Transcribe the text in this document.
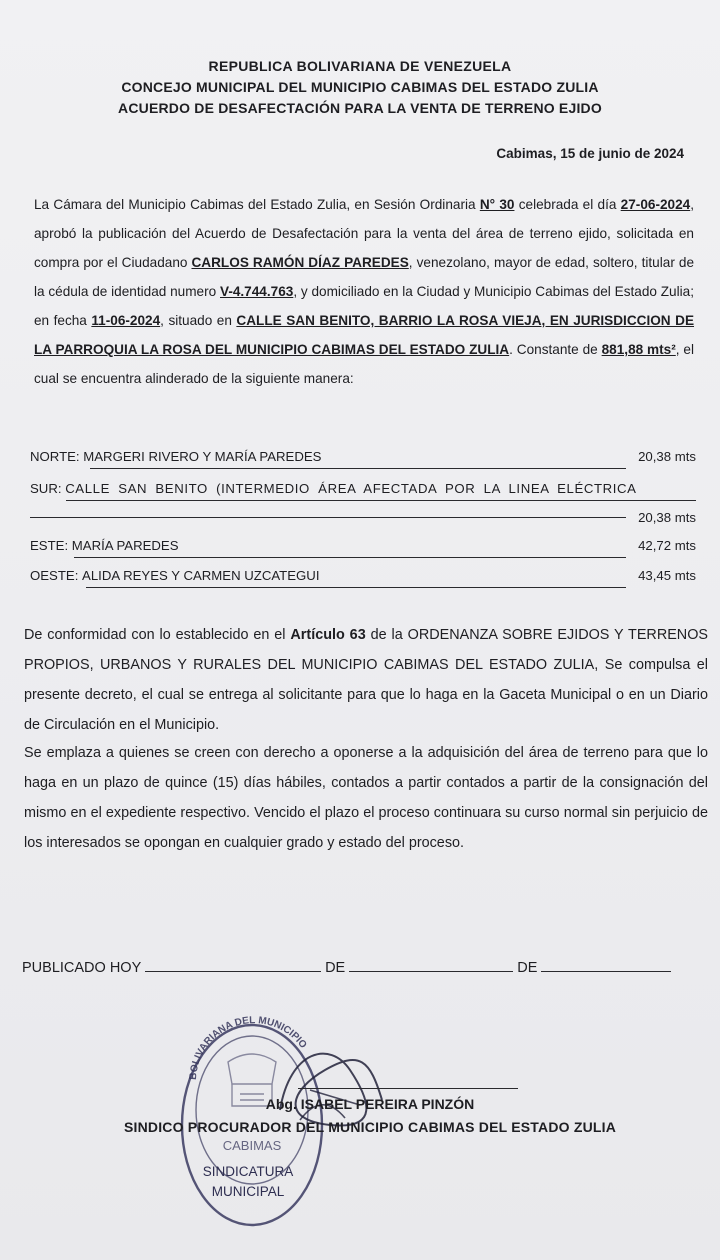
REPUBLICA BOLIVARIANA DE VENEZUELA
CONCEJO MUNICIPAL DEL MUNICIPIO CABIMAS DEL ESTADO ZULIA
ACUERDO DE DESAFECTACIÓN PARA LA VENTA DE TERRENO EJIDO
Cabimas, 15 de junio de 2024
La Cámara del Municipio Cabimas del Estado Zulia, en Sesión Ordinaria N° 30 celebrada el día 27-06-2024, aprobó la publicación del Acuerdo de Desafectación para la venta del área de terreno ejido, solicitada en compra por el Ciudadano CARLOS RAMÓN DÍAZ PAREDES, venezolano, mayor de edad, soltero, titular de la cédula de identidad numero V-4.744.763, y domiciliado en la Ciudad y Municipio Cabimas del Estado Zulia; en fecha 11-06-2024, situado en CALLE SAN BENITO, BARRIO LA ROSA VIEJA, EN JURISDICCION DE LA PARROQUIA LA ROSA DEL MUNICIPIO CABIMAS DEL ESTADO ZULIA. Constante de 881,88 mts², el cual se encuentra alinderado de la siguiente manera:
NORTE: MARGERI RIVERO Y MARÍA PAREDES	20,38 mts
SUR: CALLE SAN BENITO (INTERMEDIO ÁREA AFECTADA POR LA LINEA ELÉCTRICA
20,38 mts
ESTE: MARÍA PAREDES	42,72 mts
OESTE: ALIDA REYES Y CARMEN UZCATEGUI	43,45 mts
De conformidad con lo establecido en el Artículo 63 de la ORDENANZA SOBRE EJIDOS Y TERRENOS PROPIOS, URBANOS Y RURALES DEL MUNICIPIO CABIMAS DEL ESTADO ZULIA, Se compulsa el presente decreto, el cual se entrega al solicitante para que lo haga en la Gaceta Municipal o en un Diario de Circulación en el Municipio.
Se emplaza a quienes se creen con derecho a oponerse a la adquisición del área de terreno para que lo haga en un plazo de quince (15) días hábiles, contados a partir contados a partir de la consignación del mismo en el expediente respectivo. Vencido el plazo el proceso continuara su curso normal sin perjuicio de los interesados se opongan en cualquier grado y estado del proceso.
PUBLICADO HOY	DE	DE
BOLIVARIANA DEL MUNICIPIO
CABIMAS
SINDICATURA
MUNICIPAL
Abg. ISABEL PEREIRA PINZÓN
SINDICO PROCURADOR DEL MUNICIPIO CABIMAS DEL ESTADO ZULIA
